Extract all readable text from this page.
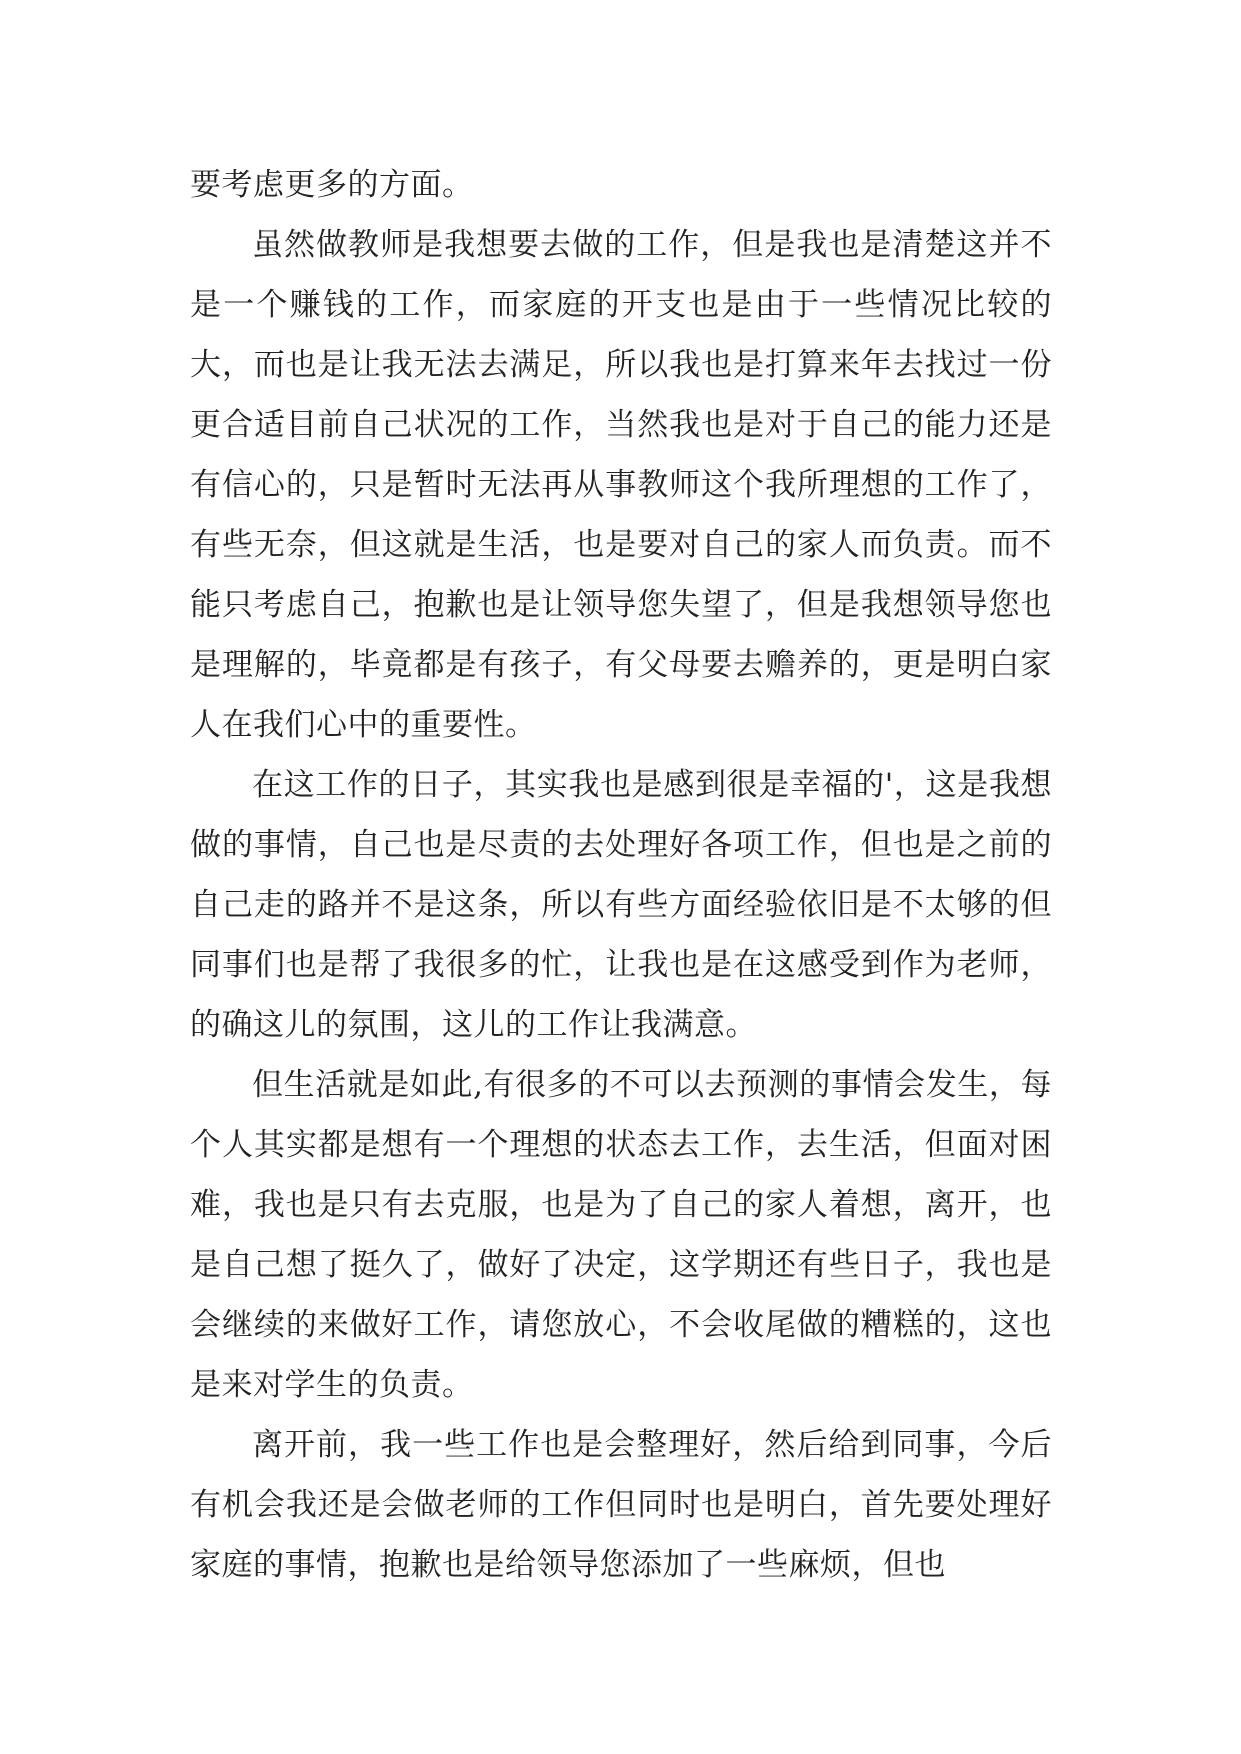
要考虑更多的方面。

虽然做教师是我想要去做的工作，但是我也是清楚这并不是一个赚钱的工作，而家庭的开支也是由于一些情况比较的大，而也是让我无法去满足，所以我也是打算来年去找过一份更合适目前自己状况的工作，当然我也是对于自己的能力还是有信心的，只是暂时无法再从事教师这个我所理想的工作了，有些无奈，但这就是生活，也是要对自己的家人而负责。而不能只考虑自己，抱歉也是让领导您失望了，但是我想领导您也是理解的，毕竟都是有孩子，有父母要去赡养的，更是明白家人在我们心中的重要性。

在这工作的日子，其实我也是感到很是幸福的'，这是我想做的事情，自己也是尽责的去处理好各项工作，但也是之前的自己走的路并不是这条，所以有些方面经验依旧是不太够的但同事们也是帮了我很多的忙，让我也是在这感受到作为老师，的确这儿的氛围，这儿的工作让我满意。

但生活就是如此,有很多的不可以去预测的事情会发生，每个人其实都是想有一个理想的状态去工作，去生活，但面对困难，我也是只有去克服，也是为了自己的家人着想，离开，也是自己想了挺久了，做好了决定，这学期还有些日子，我也是会继续的来做好工作，请您放心，不会收尾做的糟糕的，这也是来对学生的负责。

离开前，我一些工作也是会整理好，然后给到同事，今后有机会我还是会做老师的工作但同时也是明白，首先要处理好家庭的事情，抱歉也是给领导您添加了一些麻烦，但也
